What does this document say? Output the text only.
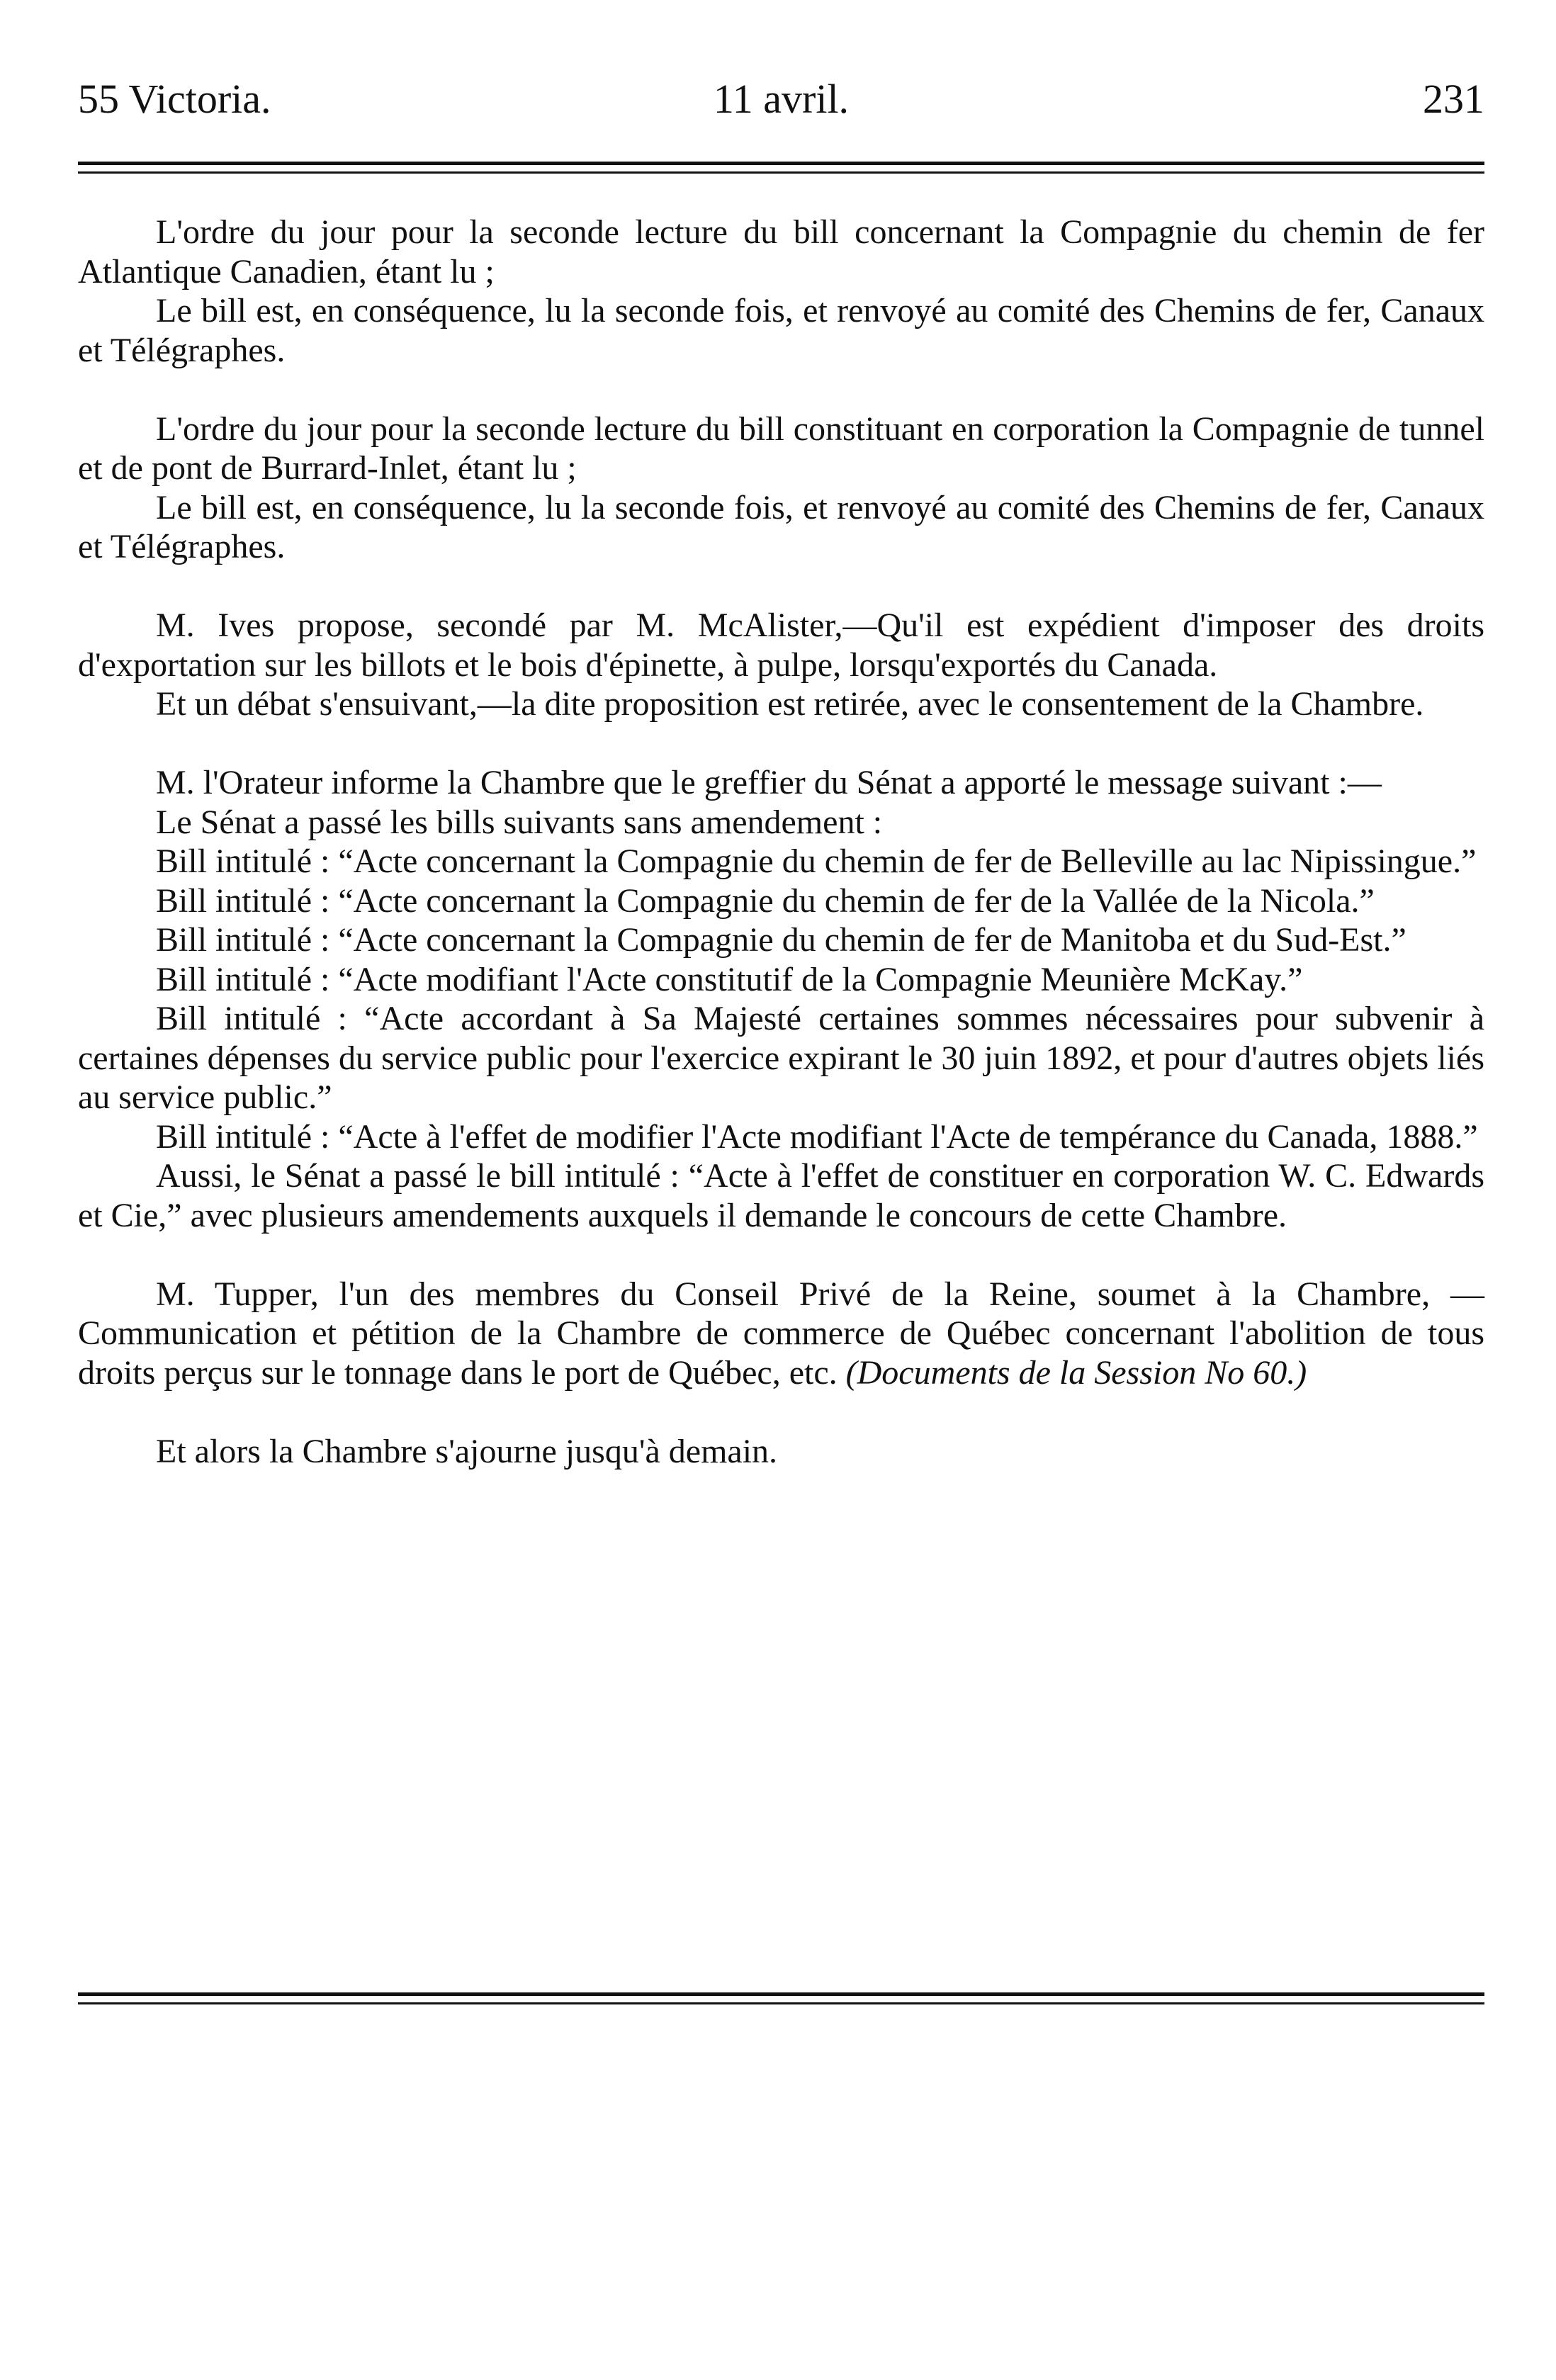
55 Victoria.	11 avril.	231

L'ordre du jour pour la seconde lecture du bill concernant la Compagnie du chemin de fer Atlantique Canadien, étant lu ;

Le bill est, en conséquence, lu la seconde fois, et renvoyé au comité des Chemins de fer, Canaux et Télégraphes.

L'ordre du jour pour la seconde lecture du bill constituant en corporation la Compagnie de tunnel et de pont de Burrard-Inlet, étant lu ;

Le bill est, en conséquence, lu la seconde fois, et renvoyé au comité des Chemins de fer, Canaux et Télégraphes.

M. Ives propose, secondé par M. McAlister,—Qu'il est expédient d'imposer des droits d'exportation sur les billots et le bois d'épinette, à pulpe, lorsqu'exportés du Canada.

Et un débat s'ensuivant,—la dite proposition est retirée, avec le consentement de la Chambre.

M. l'Orateur informe la Chambre que le greffier du Sénat a apporté le message suivant :—

Le Sénat a passé les bills suivants sans amendement :

Bill intitulé : “Acte concernant la Compagnie du chemin de fer de Belleville au lac Nipissingue.”

Bill intitulé : “Acte concernant la Compagnie du chemin de fer de la Vallée de la Nicola.”

Bill intitulé : “Acte concernant la Compagnie du chemin de fer de Manitoba et du Sud-Est.”

Bill intitulé : “Acte modifiant l'Acte constitutif de la Compagnie Meunière McKay.”

Bill intitulé : “Acte accordant à Sa Majesté certaines sommes nécessaires pour subvenir à certaines dépenses du service public pour l'exercice expirant le 30 juin 1892, et pour d'autres objets liés au service public.”

Bill intitulé : “Acte à l'effet de modifier l'Acte modifiant l'Acte de tempérance du Canada, 1888.”

Aussi, le Sénat a passé le bill intitulé : “Acte à l'effet de constituer en corporation W. C. Edwards et Cie,” avec plusieurs amendements auxquels il demande le concours de cette Chambre.

M. Tupper, l'un des membres du Conseil Privé de la Reine, soumet à la Chambre, —Communication et pétition de la Chambre de commerce de Québec concernant l'abolition de tous droits perçus sur le tonnage dans le port de Québec, etc. (Documents de la Session No 60.)

Et alors la Chambre s'ajourne jusqu'à demain.
